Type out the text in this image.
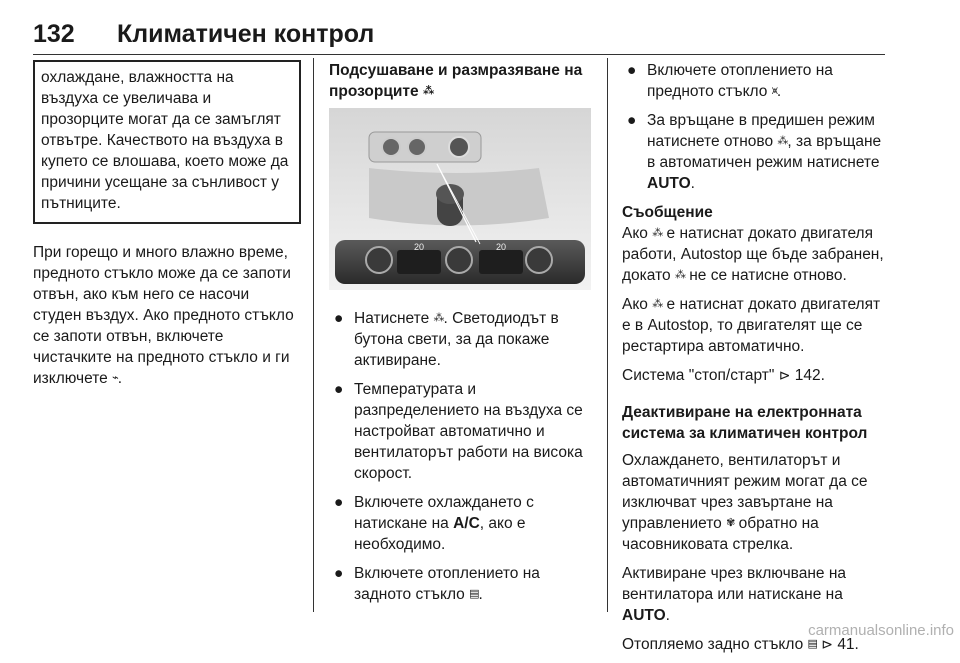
132 Климатичен контрол

охлаждане, влажността на въздуха се увеличава и прозорците могат да се замъглят отвътре. Качеството на въздуха в купето се влошава, което може да причини усещане за сънливост у пътниците.

При горещо и много влажно време, предното стъкло може да се запоти отвън, ако към него се насочи студен въздух. Ако предното стъкло се запоти отвън, включете чистачките на предното стъкло и ги изключете ⌁.

Подсушаване и размразяване на прозорците ⁂

20	20
● Натиснете ⁂. Светодиодът в бутона свети, за да покаже активиране.
● Температурата и разпределението на въздуха се настройват автоматично и вентилаторът работи на висока скорост.
● Включете охлаждането с натискане на A/C, ако е необходимо.
● Включете отоплението на задното стъкло ▤.
● Включете отоплението на предното стъкло ⩙.
● За връщане в предишен режим натиснете отново ⁂, за връщане в автоматичен режим натиснете AUTO.

Съобщение

Ако ⁂ е натиснат докато двигателя работи, Autostop ще бъде забранен, докато ⁂ не се натисне отново.

Ако ⁂ е натиснат докато двигателят е в Autostop, то двигателят ще се рестартира автоматично.

Система "стоп/старт" ⊳ 142.

Деактивиране на електронната система за климатичен контрол

Охлаждането, вентилаторът и автоматичният режим могат да се изключват чрез завъртане на управлението ✾ обратно на часовниковата стрелка.

Активиране чрез включване на вентилатора или натискане на AUTO.

Отопляемо задно стъкло ▤ ⊳ 41.

carmanualsonline.info
